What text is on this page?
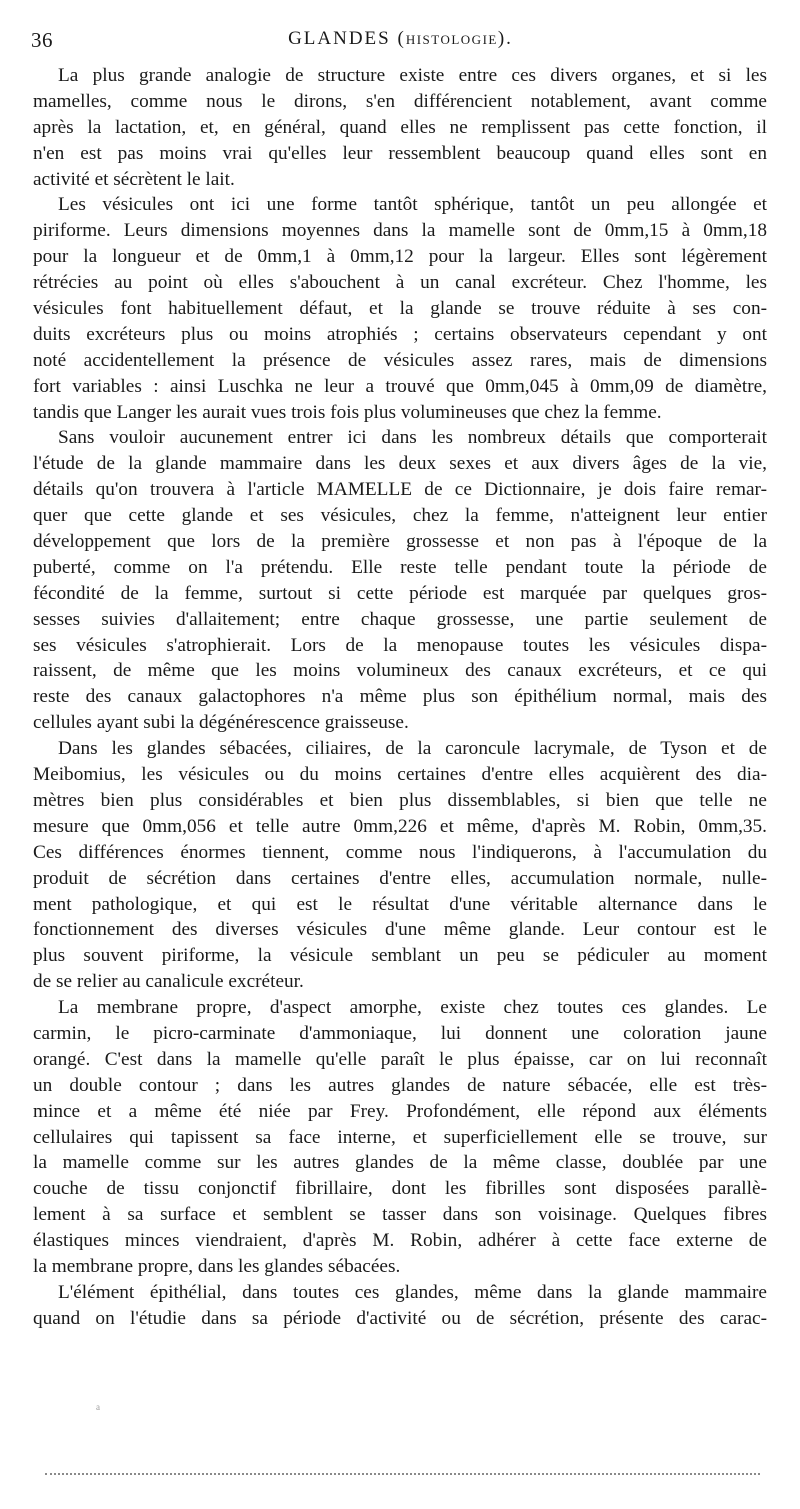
36	GLANDES (HISTOLOGIE).
La plus grande analogie de structure existe entre ces divers organes, et si les
mamelles, comme nous le dirons, s'en différencient notablement, avant comme
après la lactation, et, en général, quand elles ne remplissent pas cette fonction, il
n'en est pas moins vrai qu'elles leur ressemblent beaucoup quand elles sont en
activité et sécrètent le lait.
Les vésicules ont ici une forme tantôt sphérique, tantôt un peu allongée et
piriforme. Leurs dimensions moyennes dans la mamelle sont de 0mm,15 à 0mm,18
pour la longueur et de 0mm,1 à 0mm,12 pour la largeur. Elles sont légèrement
rétrécies au point où elles s'abouchent à un canal excréteur. Chez l'homme, les
vésicules font habituellement défaut, et la glande se trouve réduite à ses con-
duits excréteurs plus ou moins atrophiés ; certains observateurs cependant y ont
noté accidentellement la présence de vésicules assez rares, mais de dimensions
fort variables : ainsi Luschka ne leur a trouvé que 0mm,045 à 0mm,09 de diamètre,
tandis que Langer les aurait vues trois fois plus volumineuses que chez la femme.
Sans vouloir aucunement entrer ici dans les nombreux détails que comporterait
l'étude de la glande mammaire dans les deux sexes et aux divers âges de la vie,
détails qu'on trouvera à l'article MAMELLE de ce Dictionnaire, je dois faire remar-
quer que cette glande et ses vésicules, chez la femme, n'atteignent leur entier
développement que lors de la première grossesse et non pas à l'époque de la
puberté, comme on l'a prétendu. Elle reste telle pendant toute la période de
fécondité de la femme, surtout si cette période est marquée par quelques gros-
sesses suivies d'allaitement; entre chaque grossesse, une partie seulement de
ses vésicules s'atrophierait. Lors de la menopause toutes les vésicules dispa-
raissent, de même que les moins volumineux des canaux excréteurs, et ce qui
reste des canaux galactophores n'a même plus son épithélium normal, mais des
cellules ayant subi la dégénérescence graisseuse.
Dans les glandes sébacées, ciliaires, de la caroncule lacrymale, de Tyson et de
Meibomius, les vésicules ou du moins certaines d'entre elles acquièrent des dia-
mètres bien plus considérables et bien plus dissemblables, si bien que telle ne
mesure que 0mm,056 et telle autre 0mm,226 et même, d'après M. Robin, 0mm,35.
Ces différences énormes tiennent, comme nous l'indiquerons, à l'accumulation du
produit de sécrétion dans certaines d'entre elles, accumulation normale, nulle-
ment pathologique, et qui est le résultat d'une véritable alternance dans le
fonctionnement des diverses vésicules d'une même glande. Leur contour est le
plus souvent piriforme, la vésicule semblant un peu se pédiculer au moment
de se relier au canalicule excréteur.
La membrane propre, d'aspect amorphe, existe chez toutes ces glandes. Le
carmin, le picro-carminate d'ammoniaque, lui donnent une coloration jaune
orangé. C'est dans la mamelle qu'elle paraît le plus épaisse, car on lui reconnaît
un double contour ; dans les autres glandes de nature sébacée, elle est très-
mince et a même été niée par Frey. Profondément, elle répond aux éléments
cellulaires qui tapissent sa face interne, et superficiellement elle se trouve, sur
la mamelle comme sur les autres glandes de la même classe, doublée par une
couche de tissu conjonctif fibrillaire, dont les fibrilles sont disposées parallè-
lement à sa surface et semblent se tasser dans son voisinage. Quelques fibres
élastiques minces viendraient, d'après M. Robin, adhérer à cette face externe de
la membrane propre, dans les glandes sébacées.
L'élément épithélial, dans toutes ces glandes, même dans la glande mammaire
quand on l'étudie dans sa période d'activité ou de sécrétion, présente des carac-
a
